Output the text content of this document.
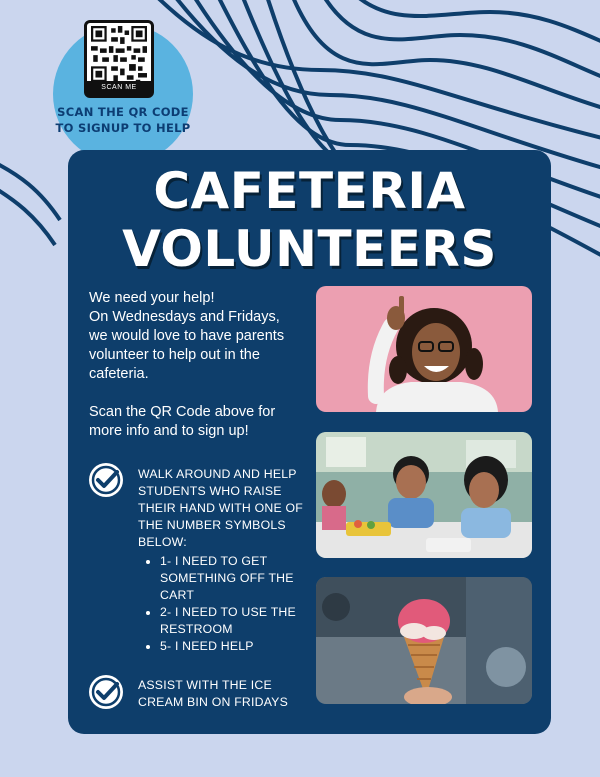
SCAN ME
SCAN THE QR CODE
TO SIGNUP TO HELP
CAFETERIA
VOLUNTEERS

We need your help!
On Wednesdays and Fridays, we would love to have parents volunteer to help out in the cafeteria.

Scan the QR Code above for more info and to sign up!

WALK AROUND AND HELP STUDENTS WHO RAISE THEIR HAND WITH ONE OF THE NUMBER SYMBOLS BELOW:
• 1- I NEED TO GET SOMETHING OFF THE CART
• 2- I NEED TO USE THE RESTROOM
• 5- I NEED HELP
ASSIST WITH THE ICE CREAM BIN ON FRIDAYS
